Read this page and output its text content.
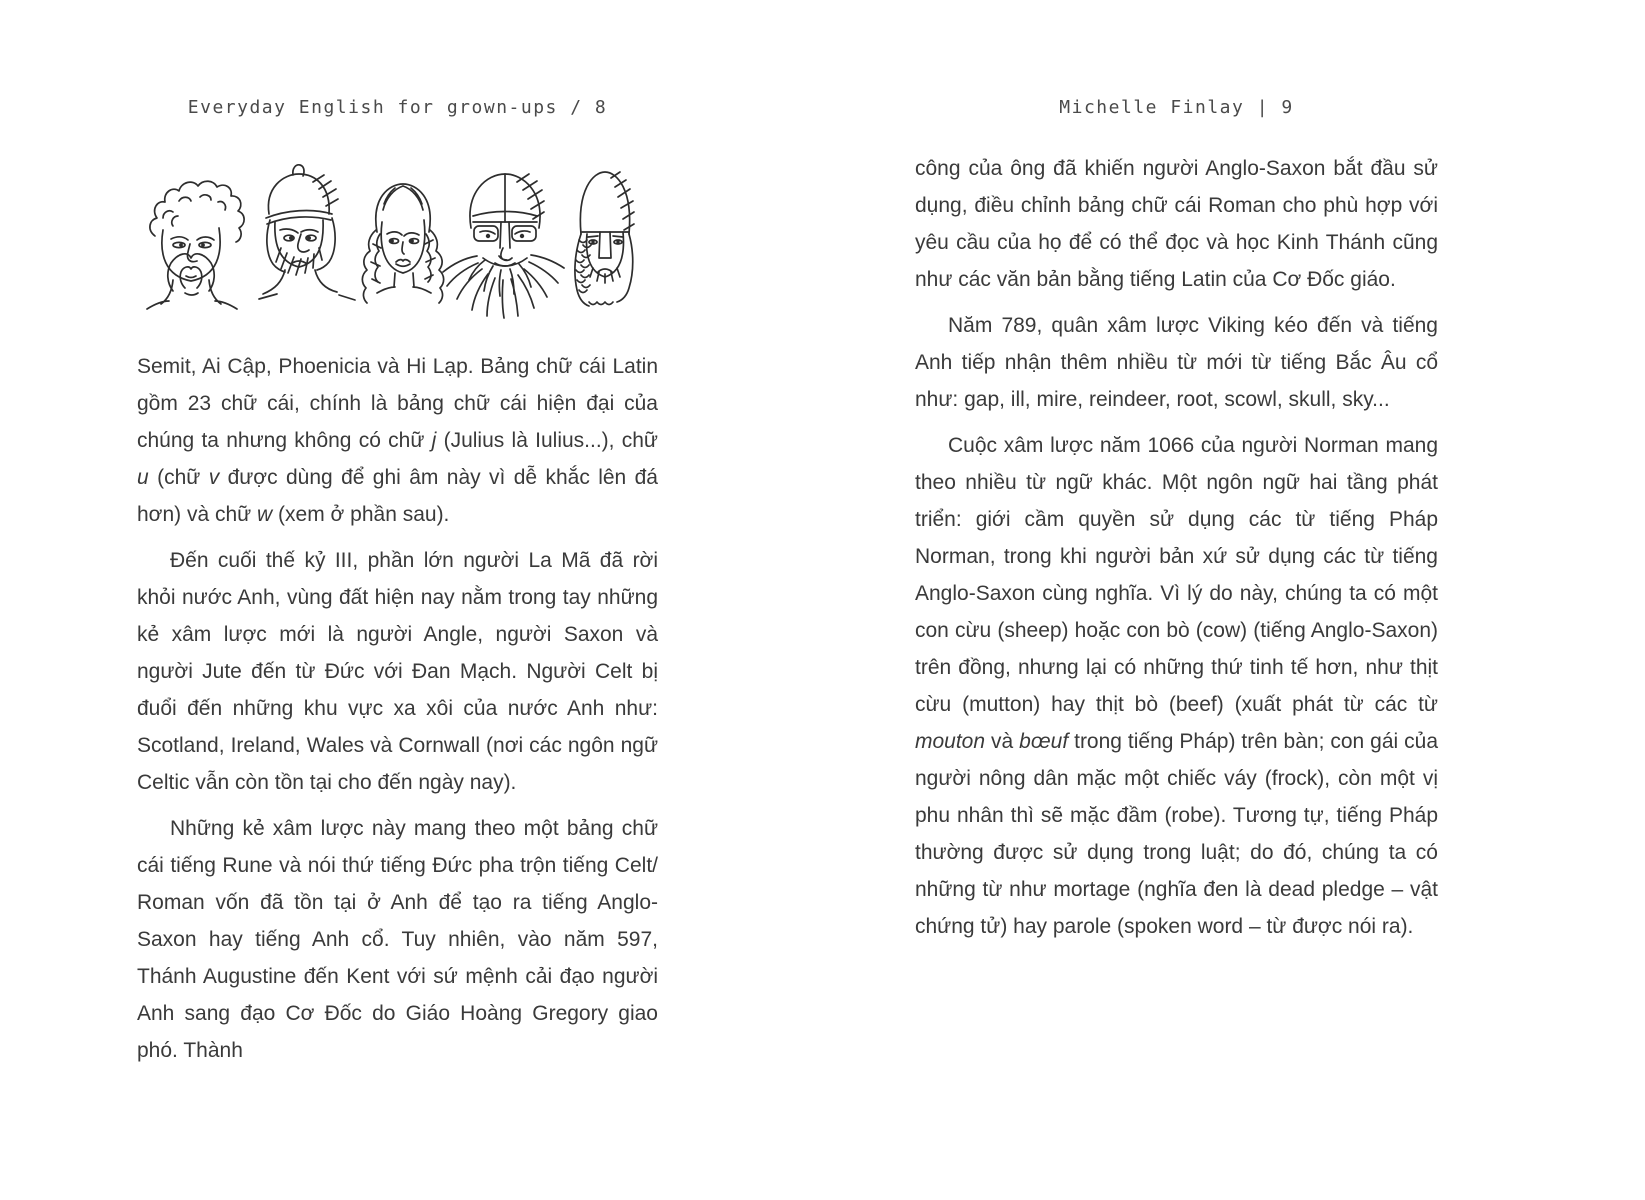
Everyday English for grown-ups / 8

Semit, Ai Cập, Phoenicia và Hi Lạp. Bảng chữ cái Latin gồm 23 chữ cái, chính là bảng chữ cái hiện đại của chúng ta nhưng không có chữ j (Julius là Iulius...), chữ u (chữ v được dùng để ghi âm này vì dễ khắc lên đá hơn) và chữ w (xem ở phần sau).

Đến cuối thế kỷ III, phần lớn người La Mã đã rời khỏi nước Anh, vùng đất hiện nay nằm trong tay những kẻ xâm lược mới là người Angle, người Saxon và người Jute đến từ Đức với Đan Mạch. Người Celt bị đuổi đến những khu vực xa xôi của nước Anh như: Scotland, Ireland, Wales và Cornwall (nơi các ngôn ngữ Celtic vẫn còn tồn tại cho đến ngày nay).

Những kẻ xâm lược này mang theo một bảng chữ cái tiếng Rune và nói thứ tiếng Đức pha trộn tiếng Celt/ Roman vốn đã tồn tại ở Anh để tạo ra tiếng Anglo-Saxon hay tiếng Anh cổ. Tuy nhiên, vào năm 597, Thánh Augustine đến Kent với sứ mệnh cải đạo người Anh sang đạo Cơ Đốc do Giáo Hoàng Gregory giao phó. Thành

Michelle Finlay | 9

công của ông đã khiến người Anglo-Saxon bắt đầu sử dụng, điều chỉnh bảng chữ cái Roman cho phù hợp với yêu cầu của họ để có thể đọc và học Kinh Thánh cũng như các văn bản bằng tiếng Latin của Cơ Đốc giáo.

Năm 789, quân xâm lược Viking kéo đến và tiếng Anh tiếp nhận thêm nhiều từ mới từ tiếng Bắc Âu cổ như: gap, ill, mire, reindeer, root, scowl, skull, sky...

Cuộc xâm lược năm 1066 của người Norman mang theo nhiều từ ngữ khác. Một ngôn ngữ hai tầng phát triển: giới cầm quyền sử dụng các từ tiếng Pháp Norman, trong khi người bản xứ sử dụng các từ tiếng Anglo-Saxon cùng nghĩa. Vì lý do này, chúng ta có một con cừu (sheep) hoặc con bò (cow) (tiếng Anglo-Saxon) trên đồng, nhưng lại có những thứ tinh tế hơn, như thịt cừu (mutton) hay thịt bò (beef) (xuất phát từ các từ mouton và bœuf trong tiếng Pháp) trên bàn; con gái của người nông dân mặc một chiếc váy (frock), còn một vị phu nhân thì sẽ mặc đầm (robe). Tương tự, tiếng Pháp thường được sử dụng trong luật; do đó, chúng ta có những từ như mortage (nghĩa đen là dead pledge – vật chứng tử) hay parole (spoken word – từ được nói ra).
